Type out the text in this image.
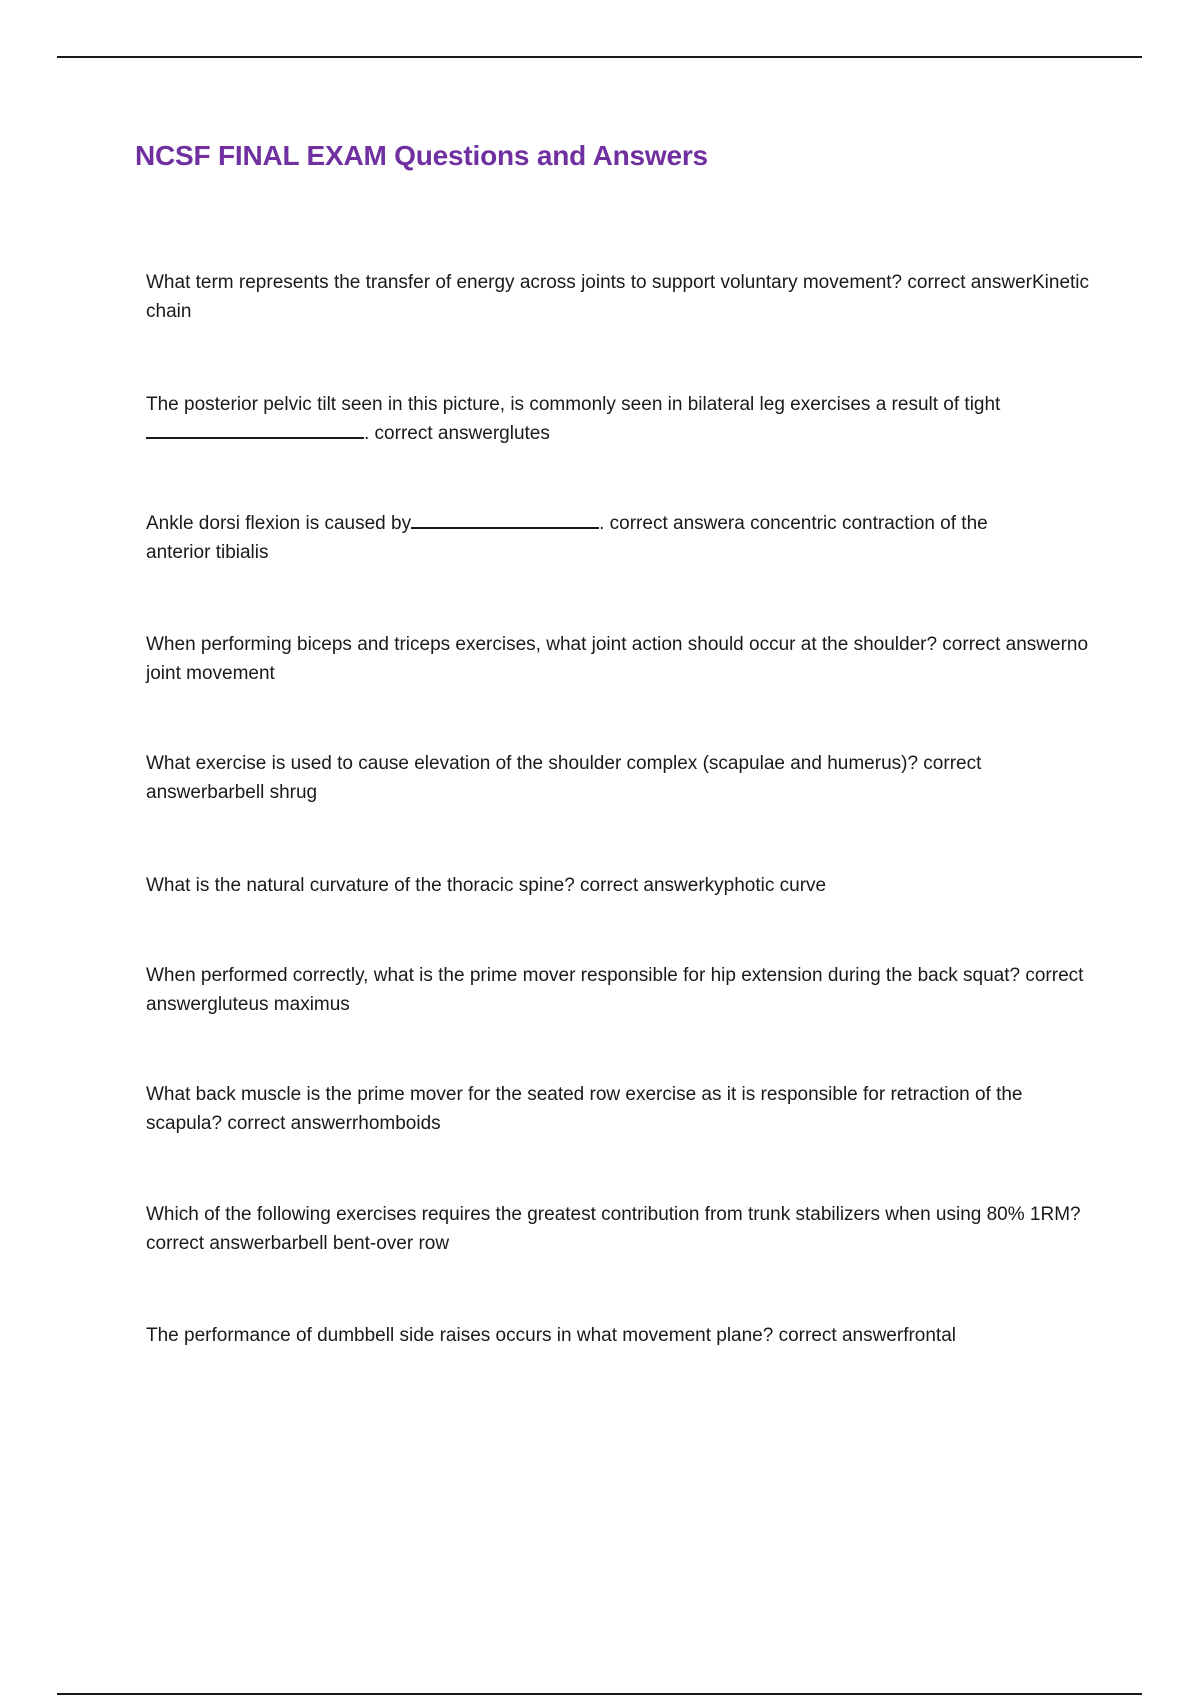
NCSF FINAL EXAM Questions and Answers

What term represents the transfer of energy across joints to support voluntary movement? correct answerKinetic chain

The posterior pelvic tilt seen in this picture, is commonly seen in bilateral leg exercises a result of tight
. correct answerglutes

Ankle dorsi flexion is caused by	. correct answera concentric contraction of the anterior tibialis

When performing biceps and triceps exercises, what joint action should occur at the shoulder? correct answerno joint movement

What exercise is used to cause elevation of the shoulder complex (scapulae and humerus)? correct answerbarbell shrug

What is the natural curvature of the thoracic spine? correct answerkyphotic curve

When performed correctly, what is the prime mover responsible for hip extension during the back squat? correct answergluteus maximus

What back muscle is the prime mover for the seated row exercise as it is responsible for retraction of the scapula? correct answerrhomboids

Which of the following exercises requires the greatest contribution from trunk stabilizers when using 80% 1RM? correct answerbarbell bent-over row

The performance of dumbbell side raises occurs in what movement plane? correct answerfrontal
